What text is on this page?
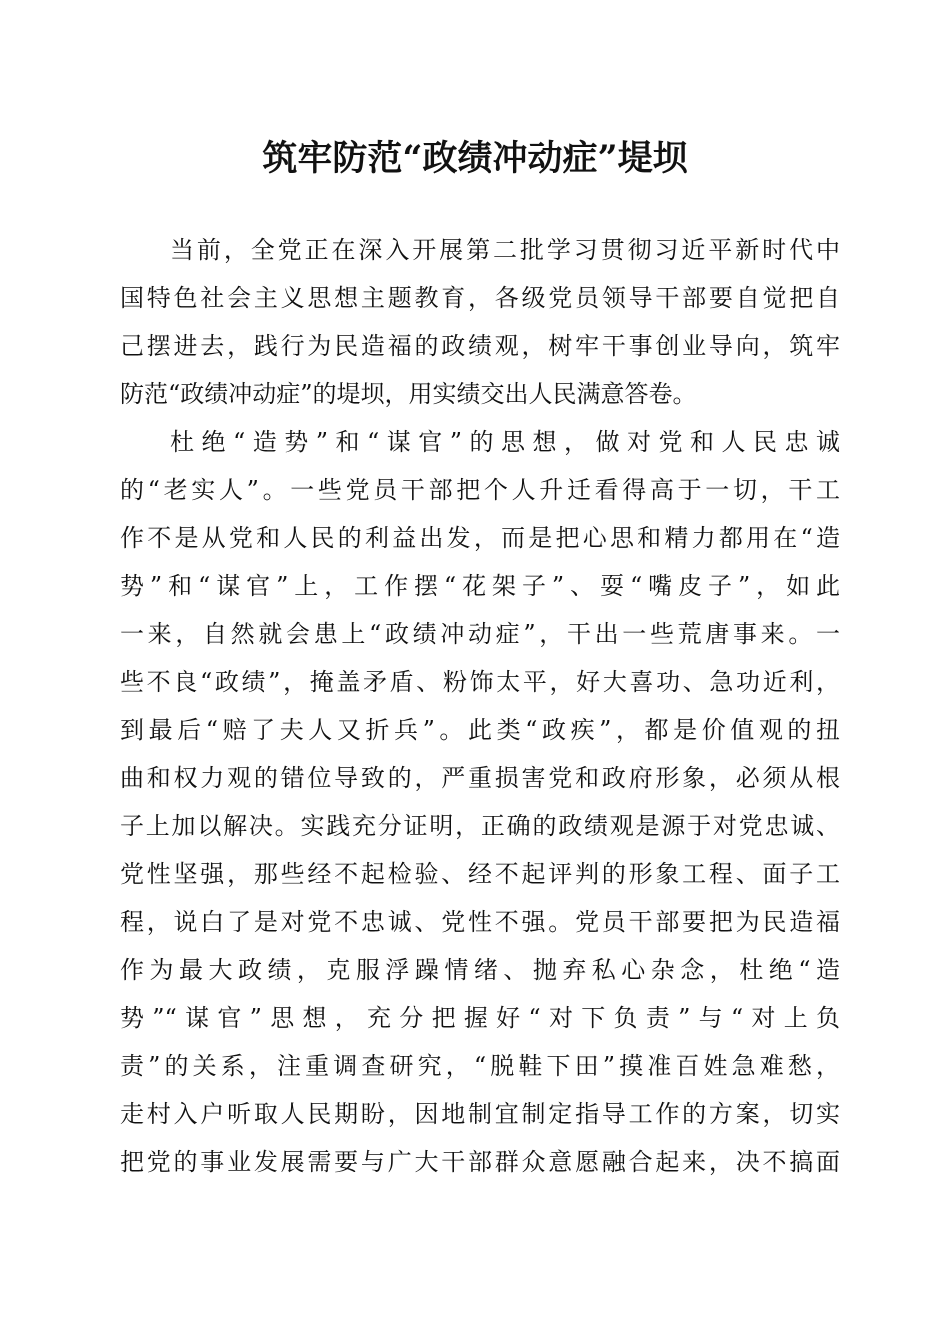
筑牢防范“政绩冲动症”堤坝
当前，全党正在深入开展第二批学习贯彻习近平新时代中
国特色社会主义思想主题教育，各级党员领导干部要自觉把自
己摆进去，践行为民造福的政绩观，树牢干事创业导向，筑牢
防范“政绩冲动症”的堤坝，用实绩交出人民满意答卷。
杜绝“造势”和“谋官”的思想，做对党和人民忠诚
的“老实人”。一些党员干部把个人升迁看得高于一切，干工
作不是从党和人民的利益出发，而是把心思和精力都用在“造
势”和“谋官”上，工作摆“花架子”、耍“嘴皮子”，如此
一来，自然就会患上“政绩冲动症”，干出一些荒唐事来。一
些不良“政绩”，掩盖矛盾、粉饰太平，好大喜功、急功近利，
到最后“赔了夫人又折兵”。此类“政疾”，都是价值观的扭
曲和权力观的错位导致的，严重损害党和政府形象，必须从根
子上加以解决。实践充分证明，正确的政绩观是源于对党忠诚、
党性坚强，那些经不起检验、经不起评判的形象工程、面子工
程，说白了是对党不忠诚、党性不强。党员干部要把为民造福
作为最大政绩，克服浮躁情绪、抛弃私心杂念，杜绝“造
势”“谋官”思想，充分把握好“对下负责”与“对上负
责”的关系，注重调查研究，“脱鞋下田”摸准百姓急难愁，
走村入户听取人民期盼，因地制宜制定指导工作的方案，切实
把党的事业发展需要与广大干部群众意愿融合起来，决不搞面
